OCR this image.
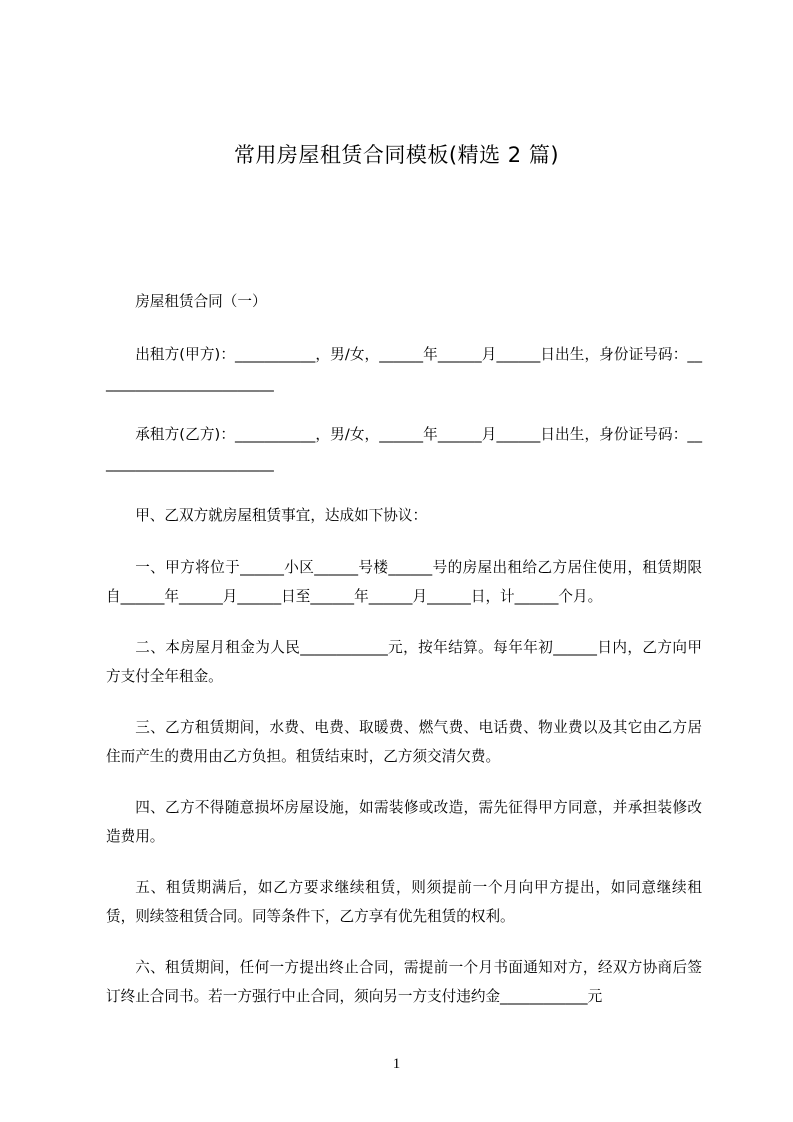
常用房屋租赁合同模板(精选 2 篇)
房屋租赁合同（一）
出租方(甲方)：___________，男/女，______年______月______日出生，身份证号码：_________________________
承租方(乙方)：___________，男/女，______年______月______日出生，身份证号码：_________________________
甲、乙双方就房屋租赁事宜，达成如下协议：
一、甲方将位于______小区______号楼______号的房屋出租给乙方居住使用，租赁期限自______年______月______日至______年______月______日，计______个月。
二、本房屋月租金为人民____________元，按年结算。每年年初______日内，乙方向甲方支付全年租金。
三、乙方租赁期间，水费、电费、取暖费、燃气费、电话费、物业费以及其它由乙方居住而产生的费用由乙方负担。租赁结束时，乙方须交清欠费。
四、乙方不得随意损坏房屋设施，如需装修或改造，需先征得甲方同意，并承担装修改造费用。
五、租赁期满后，如乙方要求继续租赁，则须提前一个月向甲方提出，如同意继续租赁，则续签租赁合同。同等条件下，乙方享有优先租赁的权利。
六、租赁期间，任何一方提出终止合同，需提前一个月书面通知对方，经双方协商后签订终止合同书。若一方强行中止合同，须向另一方支付违约金____________元
1
